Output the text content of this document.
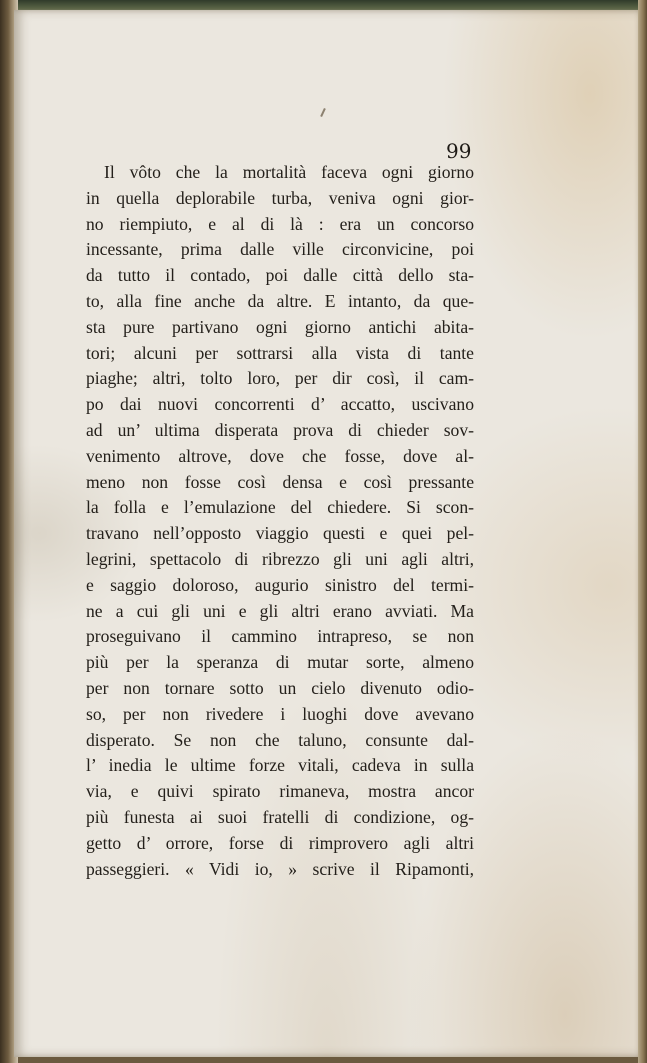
99
Il vôto che la mortalità faceva ogni giorno
in quella deplorabile turba, veniva ogni gior-
no riempiuto, e al di là : era un concorso
incessante, prima dalle ville circonvicine, poi
da tutto il contado, poi dalle città dello sta-
to, alla fine anche da altre. E intanto, da que-
sta pure partivano ogni giorno antichi abita-
tori; alcuni per sottrarsi alla vista di tante
piaghe; altri, tolto loro, per dir così, il cam-
po dai nuovi concorrenti d’ accatto, uscivano
ad un’ ultima disperata prova di chieder sov-
venimento altrove, dove che fosse, dove al-
meno non fosse così densa e così pressante
la folla e l’emulazione del chiedere. Si scon-
travano nell’opposto viaggio questi e quei pel-
legrini, spettacolo di ribrezzo gli uni agli altri,
e saggio doloroso, augurio sinistro del termi-
ne a cui gli uni e gli altri erano avviati. Ma
proseguivano il cammino intrapreso, se non
più per la speranza di mutar sorte, almeno
per non tornare sotto un cielo divenuto odio-
so, per non rivedere i luoghi dove avevano
disperato. Se non che taluno, consunte dal-
l’ inedia le ultime forze vitali, cadeva in sulla
via, e quivi spirato rimaneva, mostra ancor
più funesta ai suoi fratelli di condizione, og-
getto d’ orrore, forse di rimprovero agli altri
passeggieri. « Vidi io, » scrive il Ripamonti,
